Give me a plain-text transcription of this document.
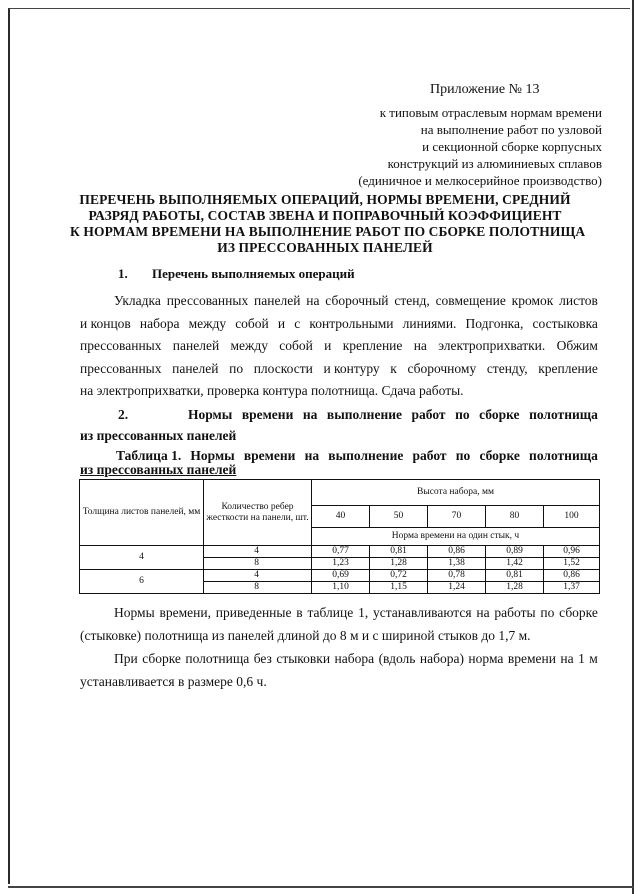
Приложение № 13
к типовым отраслевым нормам времени
на выполнение работ по узловой
и секционной сборке корпусных
конструкций из алюминиевых сплавов
(единичное и мелкосерийное производство)
ПЕРЕЧЕНЬ ВЫПОЛНЯЕМЫХ ОПЕРАЦИЙ, НОРМЫ ВРЕМЕНИ, СРЕДНИЙ
РАЗРЯД РАБОТЫ, СОСТАВ ЗВЕНА И ПОПРАВОЧНЫЙ КОЭФФИЦИЕНТ
К НОРМАМ ВРЕМЕНИ НА ВЫПОЛНЕНИЕ РАБОТ ПО СБОРКЕ ПОЛОТНИЩА
ИЗ ПРЕССОВАННЫХ ПАНЕЛЕЙ
1. Перечень выполняемых операций
Укладка прессованных панелей на сборочный стенд, совмещение кромок листов
и концов набора между собой и с контрольными линиями. Подгонка, состыковка
прессованных панелей между собой и крепление на электроприхватки. Обжим
прессованных панелей по плоскости и контуру к сборочному стенду, крепление
на электроприхватки, проверка контура полотнища. Сдача работы.
2.	Нормы времени на выполнение работ по сборке полотнища
из прессованных панелей
Таблица 1. Нормы времени на выполнение работ по сборке полотнища
из прессованных панелей
Толщина листов панелей, мм	Количество ребер жесткости на панели, шт.	Высота набора, мм				
		40	50	70	80	100
		Норма времени на один стык, ч				
4	4	0,77	0,81	0,86	0,89	0,96
	8	1,23	1,28	1,38	1,42	1,52
6	4	0,69	0,72	0,78	0,81	0,86
	8	1,10	1,15	1,24	1,28	1,37
Нормы времени, приведенные в таблице 1, устанавливаются на работы по сборке
(стыковке) полотнища из панелей длиной до 8 м и с шириной стыков до 1,7 м.
При сборке полотнища без стыковки набора (вдоль набора) норма времени на 1 м
устанавливается в размере 0,6 ч.
